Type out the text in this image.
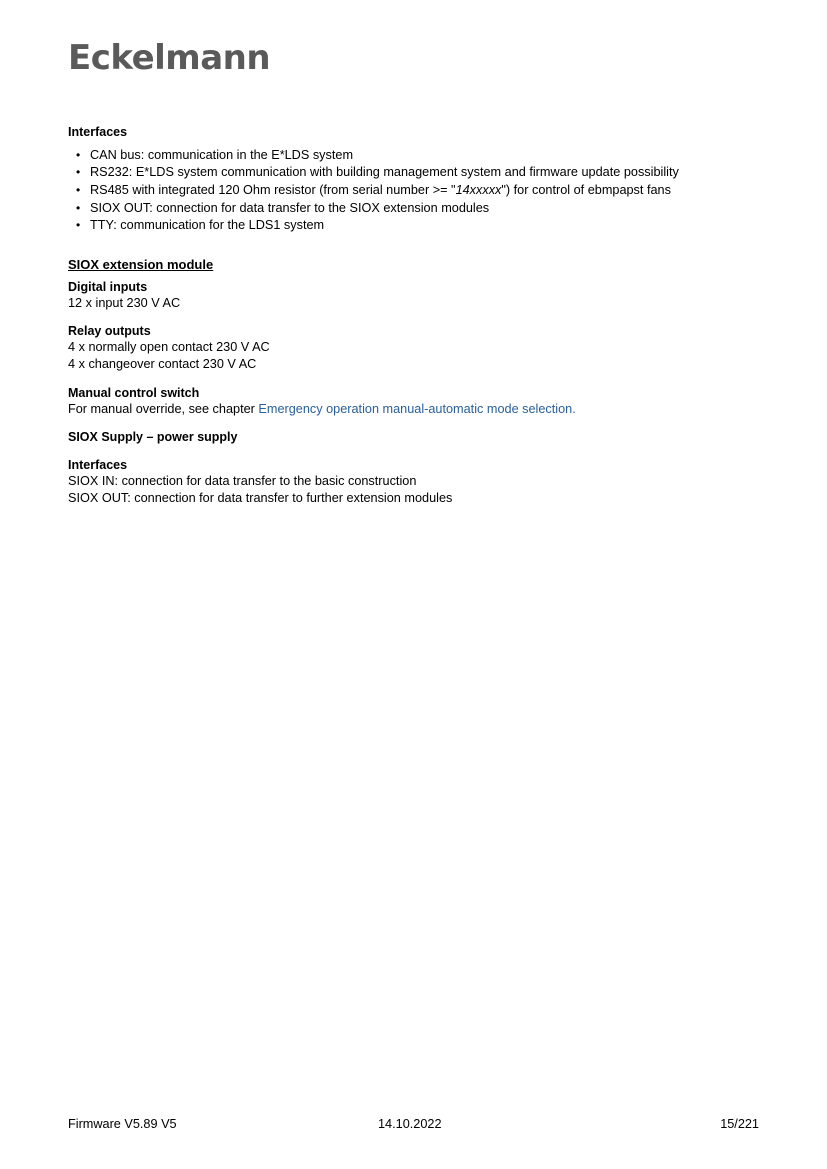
Eckelmann
Interfaces
• CAN bus: communication in the E*LDS system
• RS232: E*LDS system communication with building management system and firmware update possibility
• RS485 with integrated 120 Ohm resistor (from serial number >= "14xxxxx") for control of ebmpapst fans
• SIOX OUT: connection for data transfer to the SIOX extension modules
• TTY: communication for the LDS1 system
SIOX extension module
Digital inputs

12 x input 230 V AC

Relay outputs

4 x normally open contact 230 V AC

4 x changeover contact 230 V AC

Manual control switch

For manual override, see chapter Emergency operation manual-automatic mode selection.

SIOX Supply – power supply
Interfaces

SIOX IN: connection for data transfer to the basic construction

SIOX OUT: connection for data transfer to further extension modules

Firmware V5.89 V5	14.10.2022	15/221
